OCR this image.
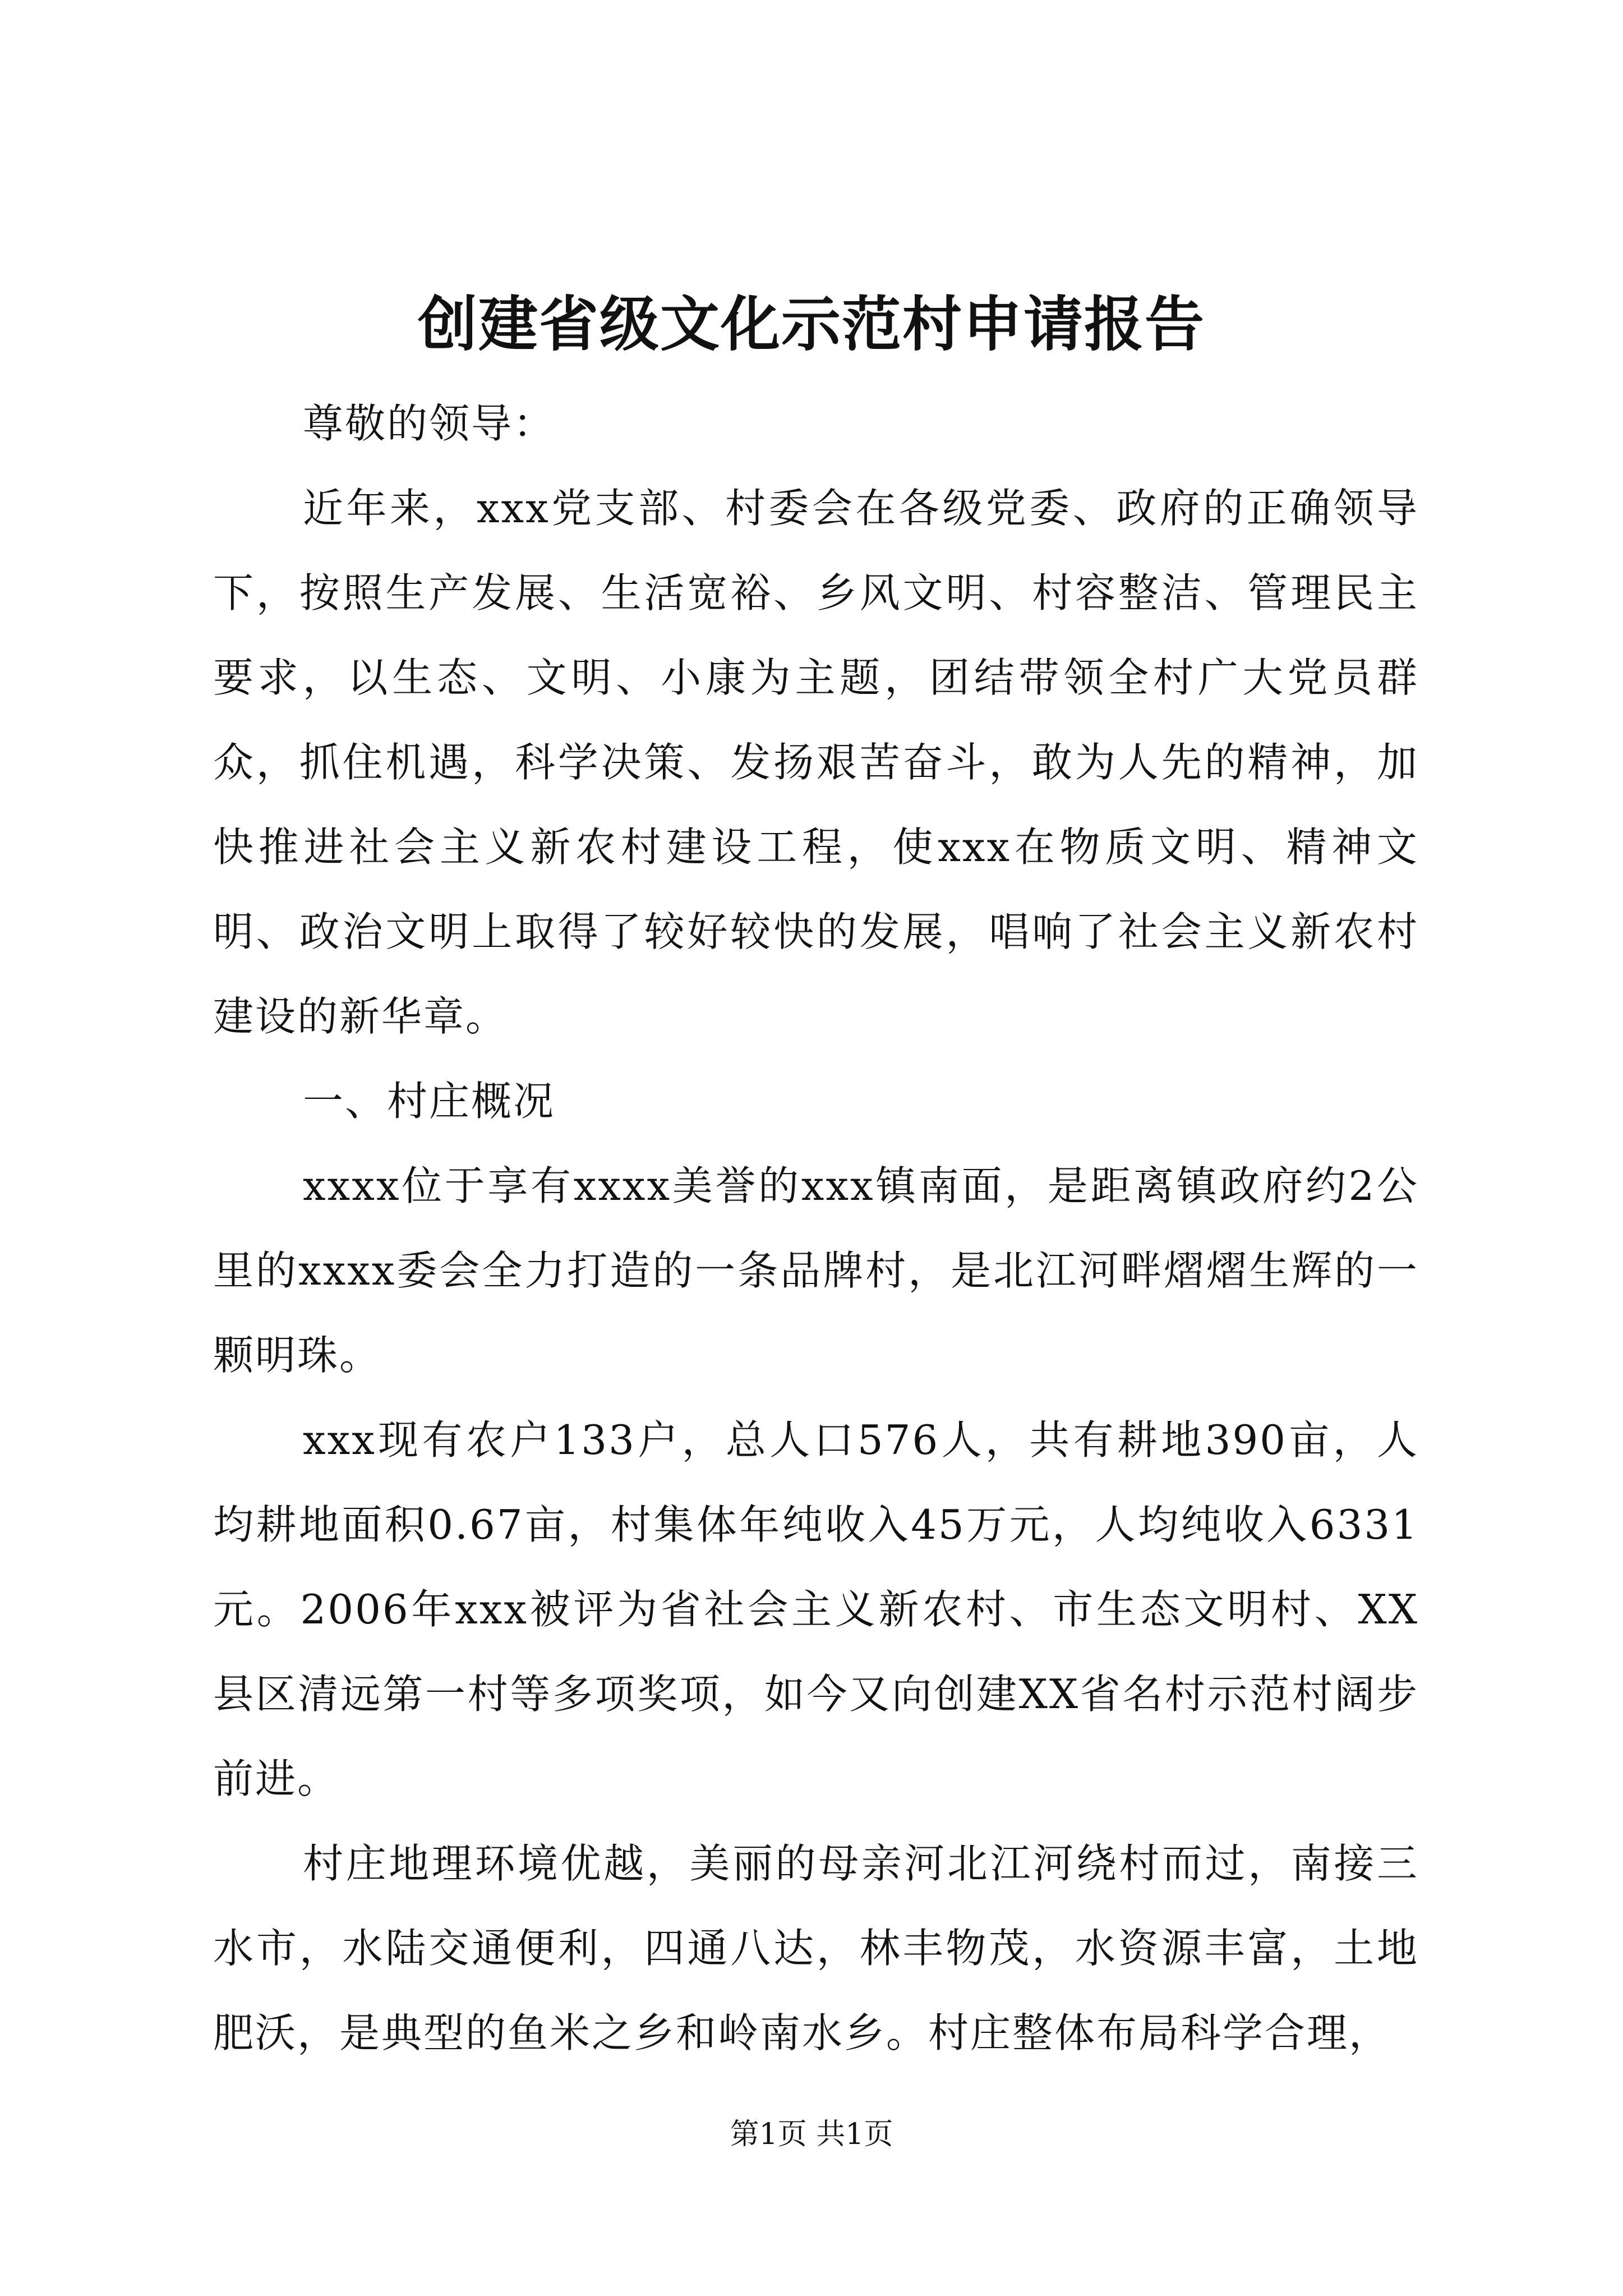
创建省级文化示范村申请报告

尊敬的领导：

近年来，xxx党支部、村委会在各级党委、政府的正确领导下，按照生产发展、生活宽裕、乡风文明、村容整洁、管理民主要求，以生态、文明、小康为主题，团结带领全村广大党员群众，抓住机遇，科学决策、发扬艰苦奋斗，敢为人先的精神，加快推进社会主义新农村建设工程，使xxx在物质文明、精神文明、政治文明上取得了较好较快的发展，唱响了社会主义新农村建设的新华章。

一、村庄概况

xxxx位于享有xxxx美誉的xxx镇南面，是距离镇政府约2公里的xxxx委会全力打造的一条品牌村，是北江河畔熠熠生辉的一颗明珠。

xxx现有农户133户，总人口576人，共有耕地390亩，人均耕地面积0.67亩，村集体年纯收入45万元，人均纯收入6331元。2006年xxx被评为省社会主义新农村、市生态文明村、XX县区清远第一村等多项奖项，如今又向创建XX省名村示范村阔步前进。

村庄地理环境优越，美丽的母亲河北江河绕村而过，南接三水市，水陆交通便利，四通八达，林丰物茂，水资源丰富，土地肥沃，是典型的鱼米之乡和岭南水乡。村庄整体布局科学合理，

第1页 共1页
